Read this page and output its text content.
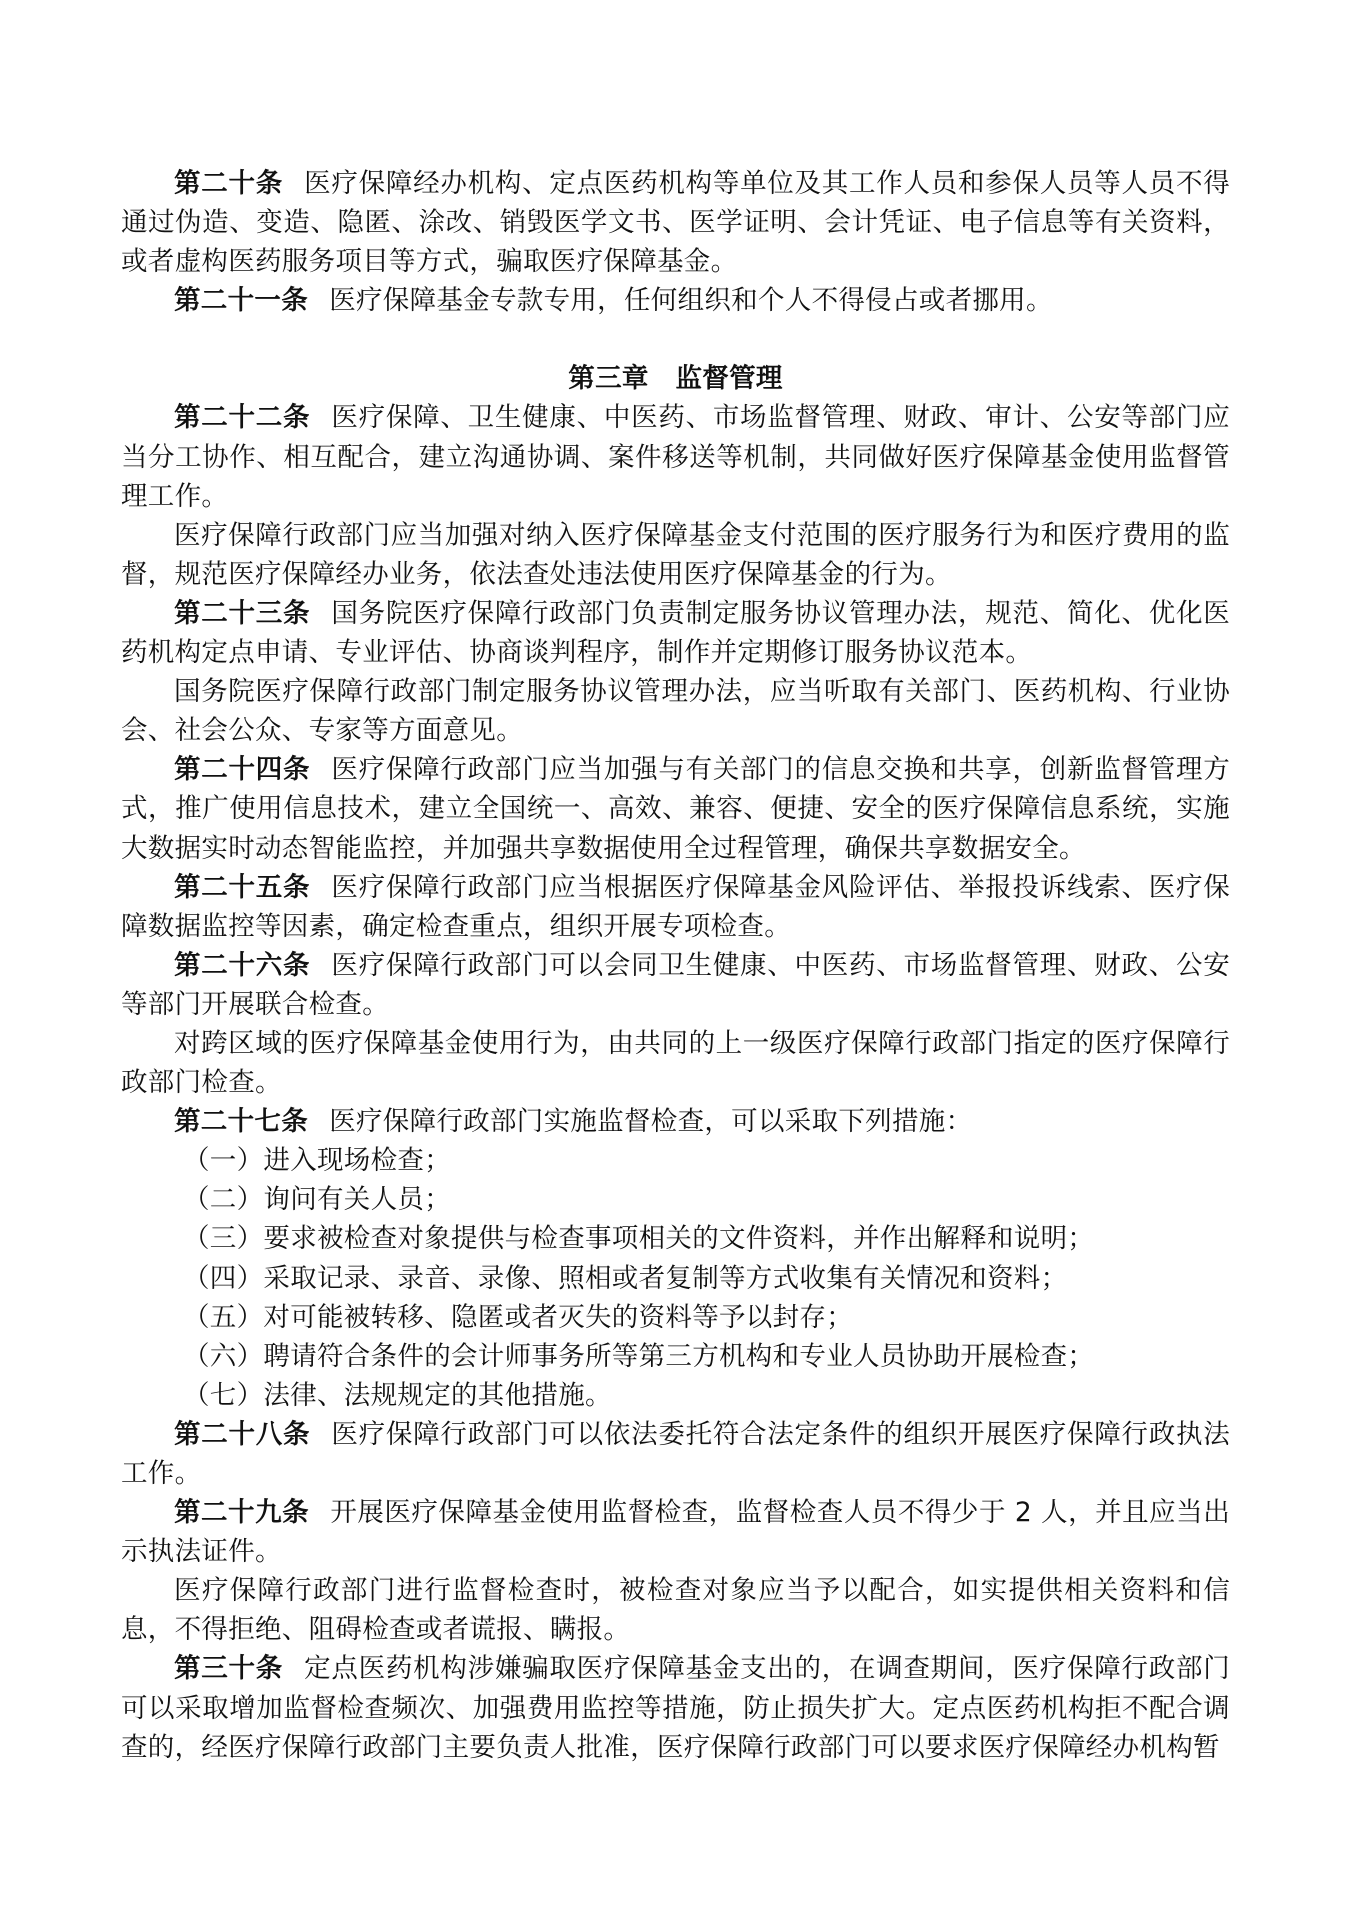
第二十条 医疗保障经办机构、定点医药机构等单位及其工作人员和参保人员等人员不得通过伪造、变造、隐匿、涂改、销毁医学文书、医学证明、会计凭证、电子信息等有关资料，或者虚构医药服务项目等方式，骗取医疗保障基金。

第二十一条 医疗保障基金专款专用，任何组织和个人不得侵占或者挪用。

第三章　监督管理

第二十二条 医疗保障、卫生健康、中医药、市场监督管理、财政、审计、公安等部门应当分工协作、相互配合，建立沟通协调、案件移送等机制，共同做好医疗保障基金使用监督管理工作。

医疗保障行政部门应当加强对纳入医疗保障基金支付范围的医疗服务行为和医疗费用的监督，规范医疗保障经办业务，依法查处违法使用医疗保障基金的行为。

第二十三条 国务院医疗保障行政部门负责制定服务协议管理办法，规范、简化、优化医药机构定点申请、专业评估、协商谈判程序，制作并定期修订服务协议范本。

国务院医疗保障行政部门制定服务协议管理办法，应当听取有关部门、医药机构、行业协会、社会公众、专家等方面意见。

第二十四条 医疗保障行政部门应当加强与有关部门的信息交换和共享，创新监督管理方式，推广使用信息技术，建立全国统一、高效、兼容、便捷、安全的医疗保障信息系统，实施大数据实时动态智能监控，并加强共享数据使用全过程管理，确保共享数据安全。

第二十五条 医疗保障行政部门应当根据医疗保障基金风险评估、举报投诉线索、医疗保障数据监控等因素，确定检查重点，组织开展专项检查。

第二十六条 医疗保障行政部门可以会同卫生健康、中医药、市场监督管理、财政、公安等部门开展联合检查。

对跨区域的医疗保障基金使用行为，由共同的上一级医疗保障行政部门指定的医疗保障行政部门检查。

第二十七条 医疗保障行政部门实施监督检查，可以采取下列措施：

（一）进入现场检查；

（二）询问有关人员；

（三）要求被检查对象提供与检查事项相关的文件资料，并作出解释和说明；

（四）采取记录、录音、录像、照相或者复制等方式收集有关情况和资料；

（五）对可能被转移、隐匿或者灭失的资料等予以封存；

（六）聘请符合条件的会计师事务所等第三方机构和专业人员协助开展检查；

（七）法律、法规规定的其他措施。

第二十八条 医疗保障行政部门可以依法委托符合法定条件的组织开展医疗保障行政执法工作。

第二十九条 开展医疗保障基金使用监督检查，监督检查人员不得少于 2 人，并且应当出示执法证件。

医疗保障行政部门进行监督检查时，被检查对象应当予以配合，如实提供相关资料和信息，不得拒绝、阻碍检查或者谎报、瞒报。

第三十条 定点医药机构涉嫌骗取医疗保障基金支出的，在调查期间，医疗保障行政部门可以采取增加监督检查频次、加强费用监控等措施，防止损失扩大。定点医药机构拒不配合调查的，经医疗保障行政部门主要负责人批准，医疗保障行政部门可以要求医疗保障经办机构暂
